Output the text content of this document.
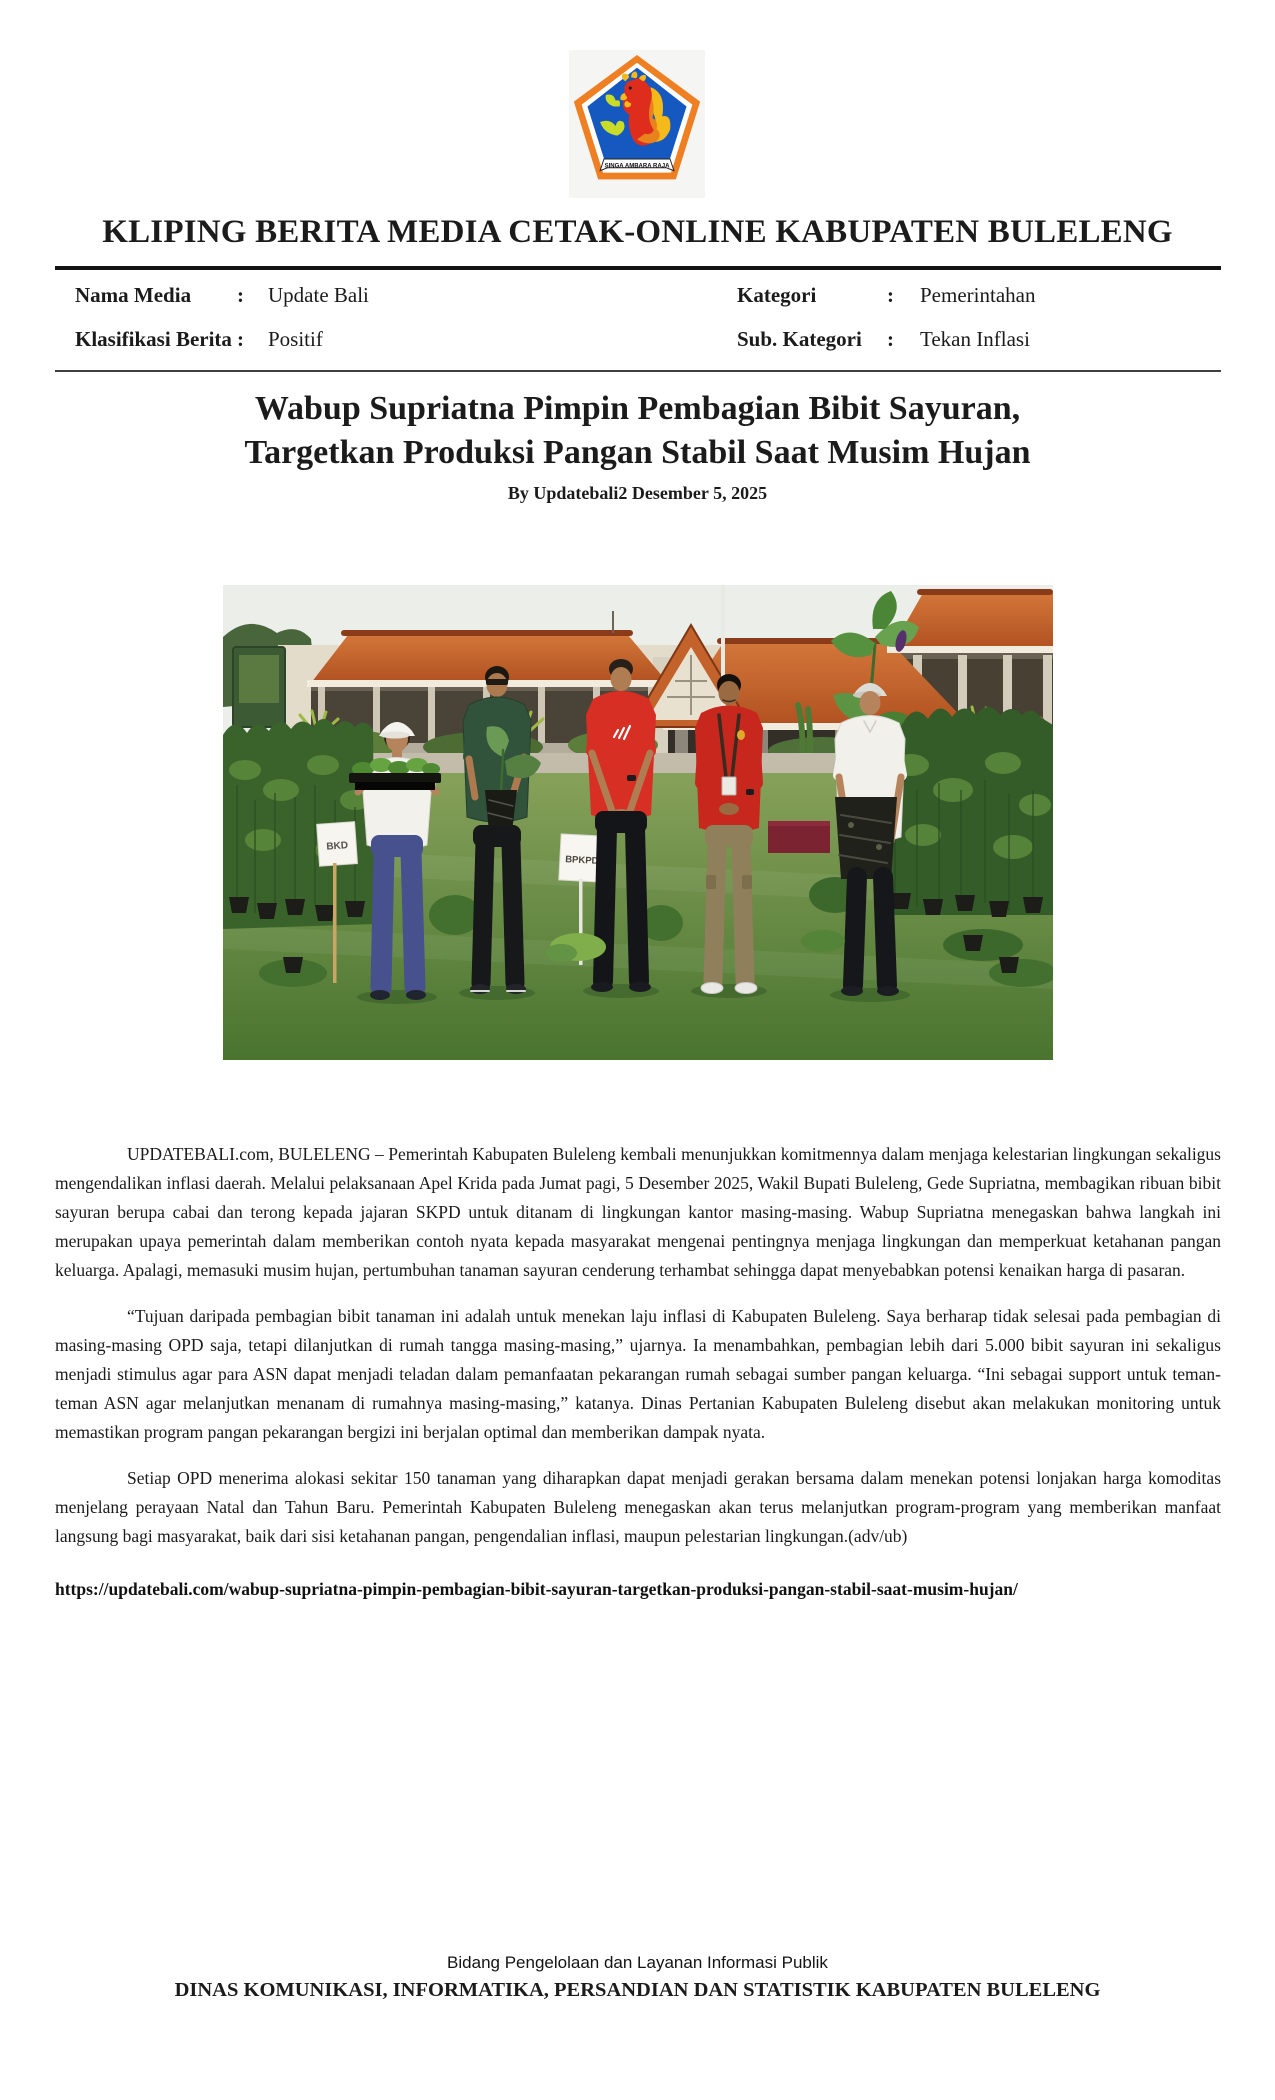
SINGA AMBARA RAJA
KLIPING BERITA MEDIA CETAK-ONLINE KABUPATEN BULELENG
Nama Media	: Update Bali	Kategori	: Pemerintahan
Klasifikasi Berita : Positif	Sub. Kategori	: Tekan Inflasi
Wabup Supriatna Pimpin Pembagian Bibit Sayuran,
Targetkan Produksi Pangan Stabil Saat Musim Hujan
By Updatebali2 Desember 5, 2025
BKD
BPKPD

UPDATEBALI.com, BULELENG – Pemerintah Kabupaten Buleleng kembali menunjukkan komitmennya dalam menjaga kelestarian lingkungan sekaligus mengendalikan inflasi daerah. Melalui pelaksanaan Apel Krida pada Jumat pagi, 5 Desember 2025, Wakil Bupati Buleleng, Gede Supriatna, membagikan ribuan bibit sayuran berupa cabai dan terong kepada jajaran SKPD untuk ditanam di lingkungan kantor masing-masing. Wabup Supriatna menegaskan bahwa langkah ini merupakan upaya pemerintah dalam memberikan contoh nyata kepada masyarakat mengenai pentingnya menjaga lingkungan dan memperkuat ketahanan pangan keluarga. Apalagi, memasuki musim hujan, pertumbuhan tanaman sayuran cenderung terhambat sehingga dapat menyebabkan potensi kenaikan harga di pasaran.

“Tujuan daripada pembagian bibit tanaman ini adalah untuk menekan laju inflasi di Kabupaten Buleleng. Saya berharap tidak selesai pada pembagian di masing-masing OPD saja, tetapi dilanjutkan di rumah tangga masing-masing,” ujarnya. Ia menambahkan, pembagian lebih dari 5.000 bibit sayuran ini sekaligus menjadi stimulus agar para ASN dapat menjadi teladan dalam pemanfaatan pekarangan rumah sebagai sumber pangan keluarga. “Ini sebagai support untuk teman-teman ASN agar melanjutkan menanam di rumahnya masing-masing,” katanya. Dinas Pertanian Kabupaten Buleleng disebut akan melakukan monitoring untuk memastikan program pangan pekarangan bergizi ini berjalan optimal dan memberikan dampak nyata.

Setiap OPD menerima alokasi sekitar 150 tanaman yang diharapkan dapat menjadi gerakan bersama dalam menekan potensi lonjakan harga komoditas menjelang perayaan Natal dan Tahun Baru. Pemerintah Kabupaten Buleleng menegaskan akan terus melanjutkan program-program yang memberikan manfaat langsung bagi masyarakat, baik dari sisi ketahanan pangan, pengendalian inflasi, maupun pelestarian lingkungan.(adv/ub)

https://updatebali.com/wabup-supriatna-pimpin-pembagian-bibit-sayuran-targetkan-produksi-pangan-stabil-saat-musim-hujan/
Bidang Pengelolaan dan Layanan Informasi Publik
DINAS KOMUNIKASI, INFORMATIKA, PERSANDIAN DAN STATISTIK KABUPATEN BULELENG
